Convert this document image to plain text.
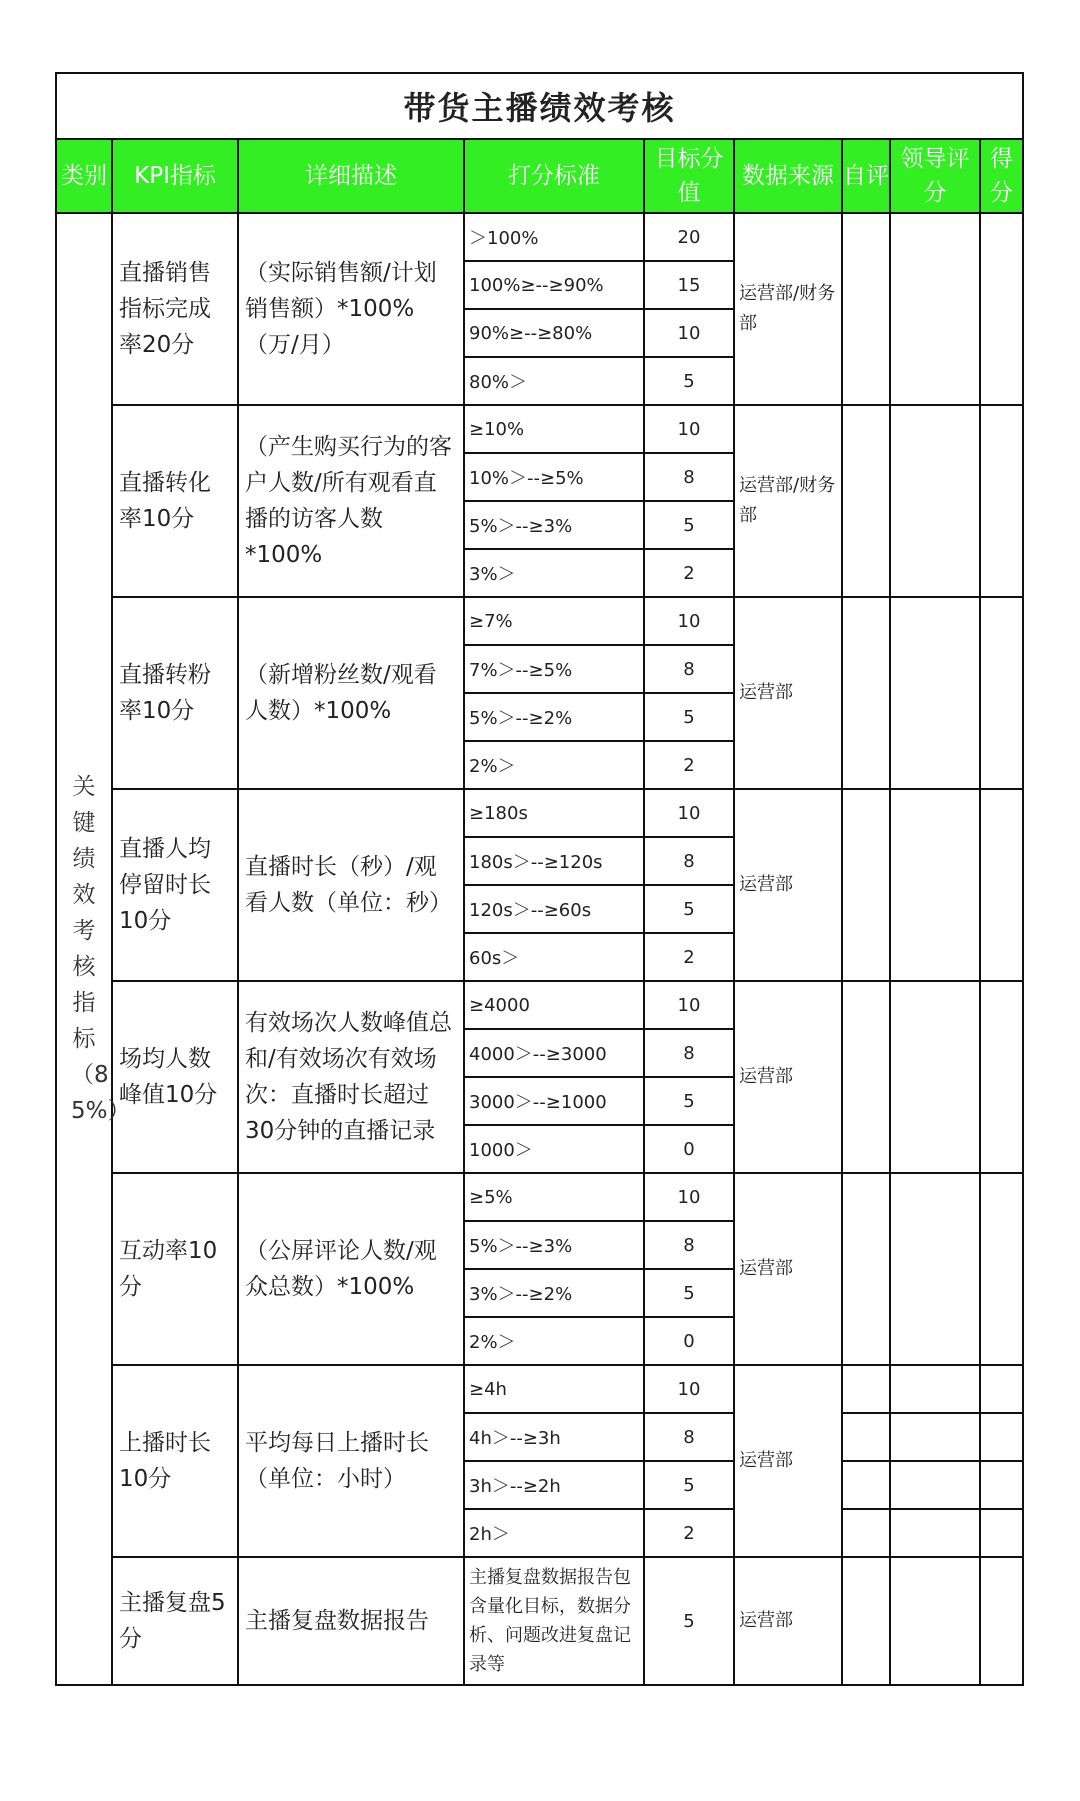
带货主播绩效考核								
类别	KPI指标	详细描述	打分标准	目标分值	数据来源	自评	领导评分	得分
关键绩效考核指标（85%）	直播销售指标完成率20分	（实际销售额/计划销售额）*100%（万/月）	＞100%	20	运营部/财务部			
			100%≥--≥90%	15				
			90%≥--≥80%	10				
			80%＞	5				
	直播转化率10分	（产生购买行为的客户人数/所有观看直播的访客人数*100%	≥10%	10	运营部/财务部			
			10%＞--≥5%	8				
			5%＞--≥3%	5				
			3%＞	2				
	直播转粉率10分	（新增粉丝数/观看人数）*100%	≥7%	10	运营部			
			7%＞--≥5%	8				
			5%＞--≥2%	5				
			2%＞	2				
	直播人均停留时长10分	直播时长（秒）/观看人数（单位：秒）	≥180s	10	运营部			
			180s＞--≥120s	8				
			120s＞--≥60s	5				
			60s＞	2				
	场均人数峰值10分	有效场次人数峰值总和/有效场次有效场次：直播时长超过30分钟的直播记录	≥4000	10	运营部			
			4000＞--≥3000	8				
			3000＞--≥1000	5				
			1000＞	0				
	互动率10分	（公屏评论人数/观众总数）*100%	≥5%	10	运营部			
			5%＞--≥3%	8				
			3%＞--≥2%	5				
			2%＞	0				
	上播时长10分	平均每日上播时长（单位：小时）	≥4h	10	运营部			
			4h＞--≥3h	8				
			3h＞--≥2h	5				
			2h＞	2				
	主播复盘5分	主播复盘数据报告	主播复盘数据报告包含量化目标，数据分析、问题改进复盘记录等	5	运营部			
